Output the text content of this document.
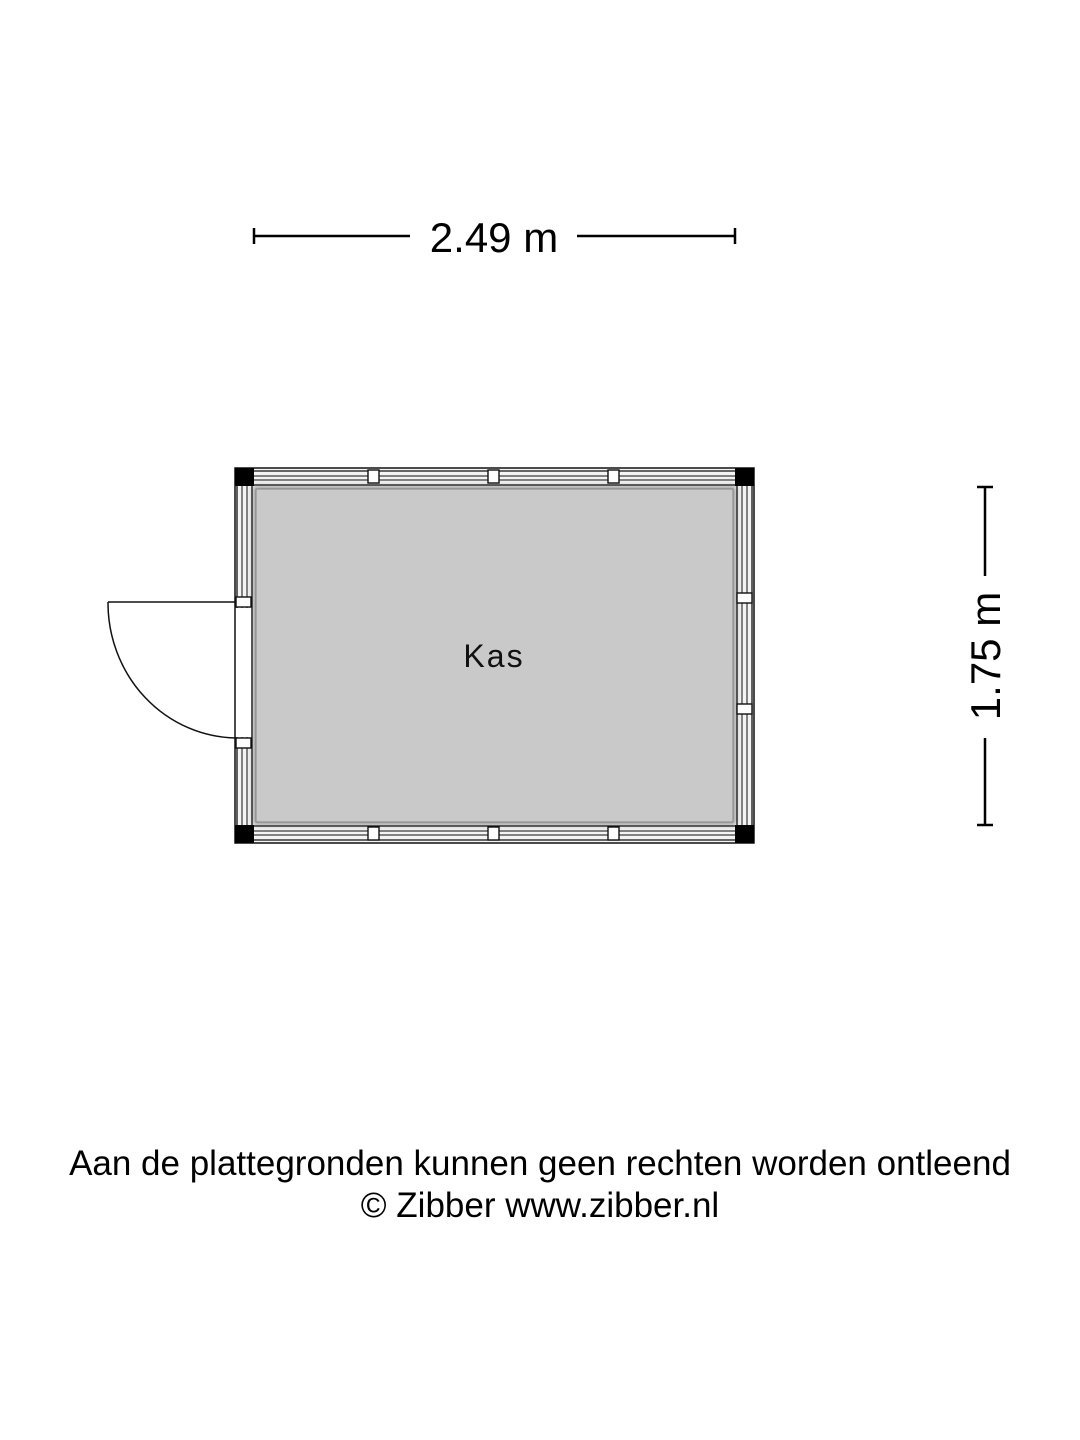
2.49 m
1.75 m
Kas
Aan de plattegronden kunnen geen rechten worden ontleend
© Zibber www.zibber.nl
